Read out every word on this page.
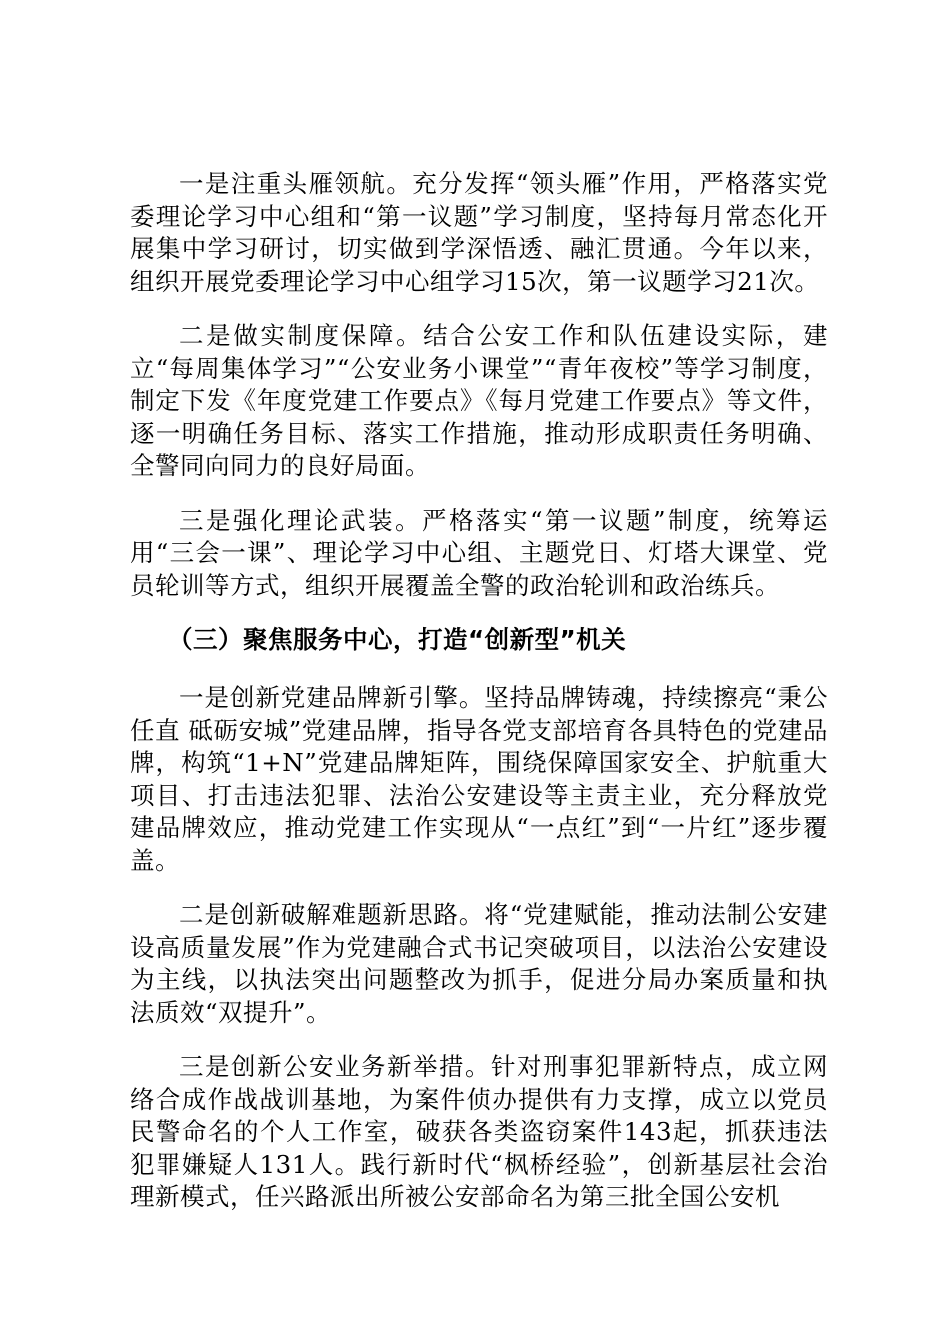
一是注重头雁领航。充分发挥“领头雁”作用，严格落实党委理论学习中心组和“第一议题”学习制度，坚持每月常态化开展集中学习研讨，切实做到学深悟透、融汇贯通。今年以来，组织开展党委理论学习中心组学习15次，第一议题学习21次。

二是做实制度保障。结合公安工作和队伍建设实际，建立“每周集体学习”“公安业务小课堂”“青年夜校”等学习制度，制定下发《年度党建工作要点》《每月党建工作要点》等文件，逐一明确任务目标、落实工作措施，推动形成职责任务明确、全警同向同力的良好局面。

三是强化理论武装。严格落实“第一议题”制度，统筹运用“三会一课”、理论学习中心组、主题党日、灯塔大课堂、党员轮训等方式，组织开展覆盖全警的政治轮训和政治练兵。

（三）聚焦服务中心，打造“创新型”机关

一是创新党建品牌新引擎。坚持品牌铸魂，持续擦亮“秉公任直 砥砺安城”党建品牌，指导各党支部培育各具特色的党建品牌，构筑“1+N”党建品牌矩阵，围绕保障国家安全、护航重大项目、打击违法犯罪、法治公安建设等主责主业，充分释放党建品牌效应，推动党建工作实现从“一点红”到“一片红”逐步覆盖。

二是创新破解难题新思路。将“党建赋能，推动法制公安建设高质量发展”作为党建融合式书记突破项目，以法治公安建设为主线，以执法突出问题整改为抓手，促进分局办案质量和执法质效“双提升”。

三是创新公安业务新举措。针对刑事犯罪新特点，成立网络合成作战战训基地，为案件侦办提供有力支撑，成立以党员民警命名的个人工作室，破获各类盗窃案件143起，抓获违法犯罪嫌疑人131人。践行新时代“枫桥经验”，创新基层社会治理新模式，任兴路派出所被公安部命名为第三批全国公安机
